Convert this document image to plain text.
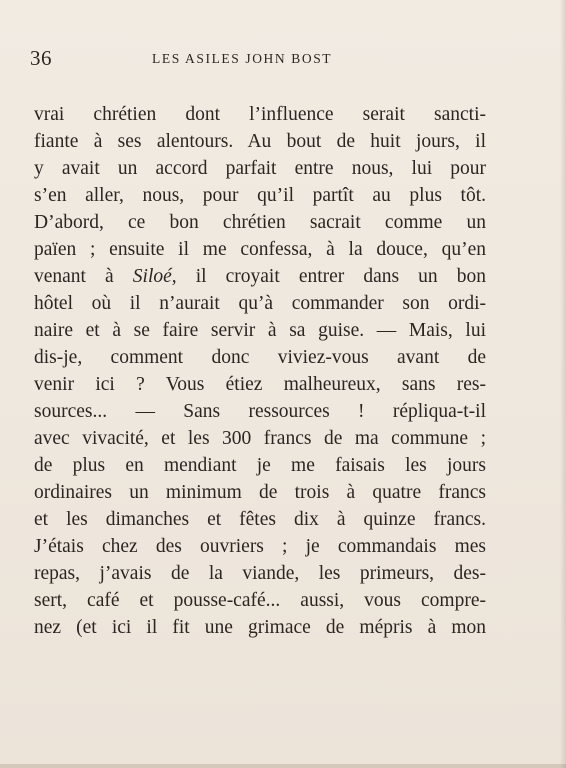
36	LES ASILES JOHN BOST
vrai chrétien dont l’influence serait sancti-
fiante à ses alentours. Au bout de huit jours, il
y avait un accord parfait entre nous, lui pour
s’en aller, nous, pour qu’il partît au plus tôt.
D’abord, ce bon chrétien sacrait comme un
païen ; ensuite il me confessa, à la douce, qu’en
venant à Siloé, il croyait entrer dans un bon
hôtel où il n’aurait qu’à commander son ordi-
naire et à se faire servir à sa guise. — Mais, lui
dis-je, comment donc viviez-vous avant de
venir ici ? Vous étiez malheureux, sans res-
sources... — Sans ressources ! répliqua-t-il
avec vivacité, et les 300 francs de ma commune ;
de plus en mendiant je me faisais les jours
ordinaires un minimum de trois à quatre francs
et les dimanches et fêtes dix à quinze francs.
J’étais chez des ouvriers ; je commandais mes
repas, j’avais de la viande, les primeurs, des-
sert, café et pousse-café... aussi, vous compre-
nez (et ici il fit une grimace de mépris à mon
